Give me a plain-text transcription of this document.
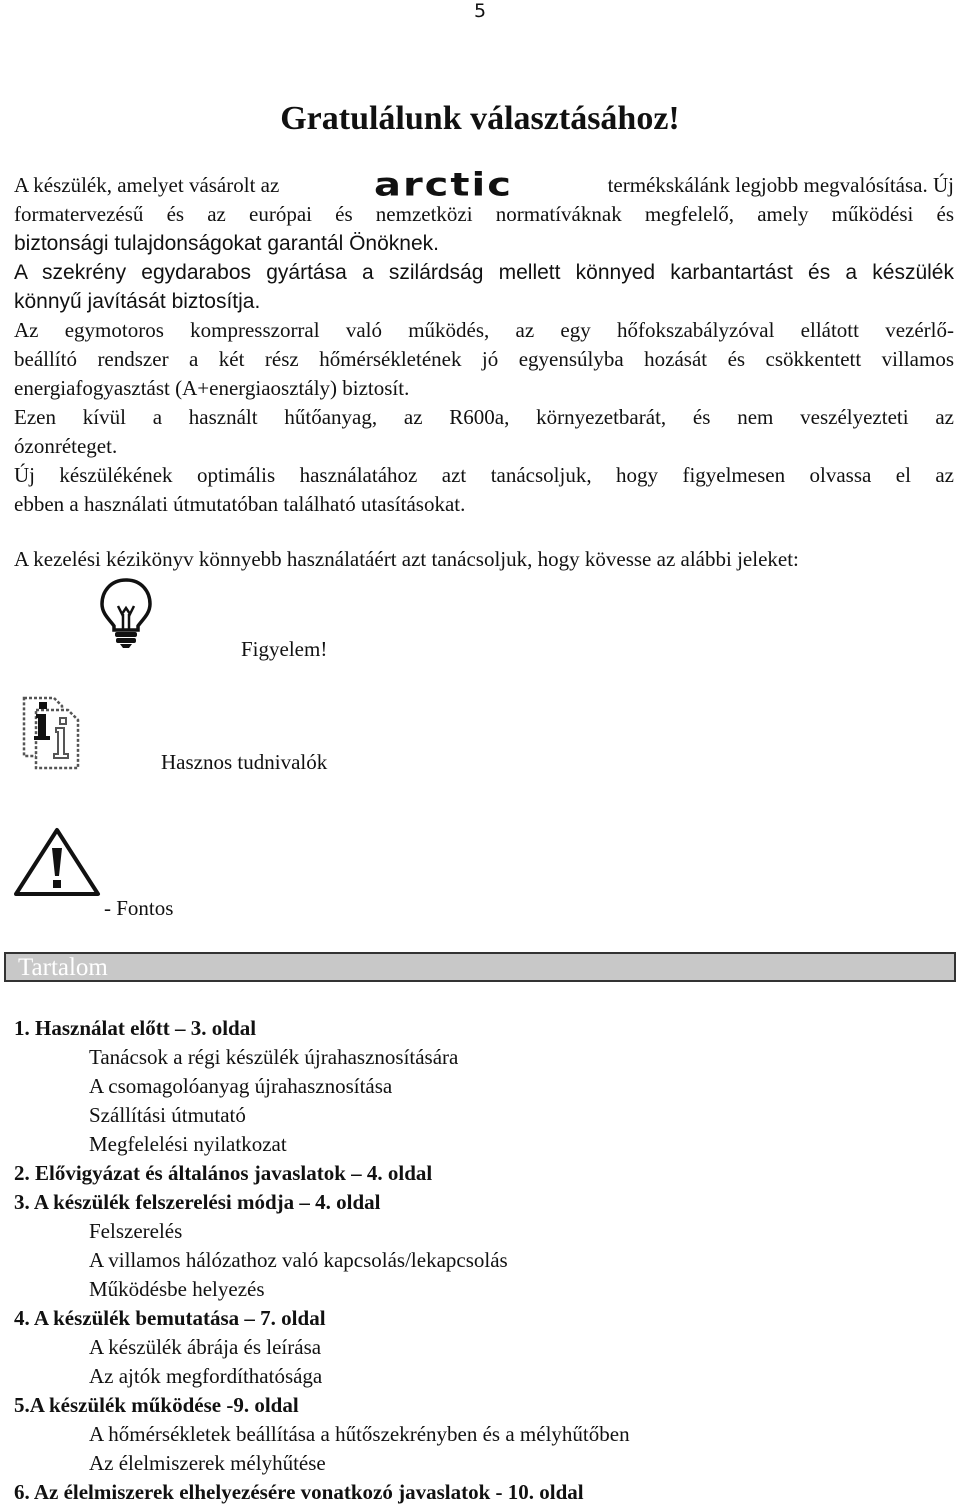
5
Gratulálunk választásához!
A készülék, amelyet vásárolt az arctic	termékskálánk legjobb megvalósítása. Új
formatervezésű és az európai és nemzetközi normatíváknak megfelelő, amely működési és
biztonsági tulajdonságokat garantál Önöknek.
A szekrény egydarabos gyártása a szilárdság mellett könnyed karbantartást és a készülék
könnyű javítását biztosítja.
Az egymotoros kompresszorral való működés, az egy hőfokszabályzóval ellátott vezérlő-
beállító rendszer a két rész hőmérsékletének jó egyensúlyba hozását és csökkentett villamos
energiafogyasztást (A+energiaosztály) biztosít.
Ezen kívül a használt hűtőanyag, az R600a, környezetbarát, és nem veszélyezteti az
ózonréteget.
Új készülékének optimális használatához azt tanácsoljuk, hogy figyelmesen olvassa el az
ebben a használati útmutatóban található utasításokat.
A kezelési kézikönyv könnyebb használatáért azt tanácsoljuk, hogy kövesse az alábbi jeleket:
Figyelem!
Hasznos tudnivalók
- Fontos
Tartalom
1. Használat előtt – 3. oldal
Tanácsok a régi készülék újrahasznosítására
A csomagolóanyag újrahasznosítása
Szállítási útmutató
Megfelelési nyilatkozat
2. Elővigyázat és általános javaslatok – 4. oldal
3. A készülék felszerelési módja – 4. oldal
Felszerelés
A villamos hálózathoz való kapcsolás/lekapcsolás
Működésbe helyezés
4. A készülék bemutatása – 7. oldal
A készülék ábrája és leírása
Az ajtók megfordíthatósága
5.A készülék működése -9. oldal
A hőmérsékletek beállítása a hűtőszekrényben és a mélyhűtőben
Az élelmiszerek mélyhűtése
6. Az élelmiszerek elhelyezésére vonatkozó javaslatok - 10. oldal
